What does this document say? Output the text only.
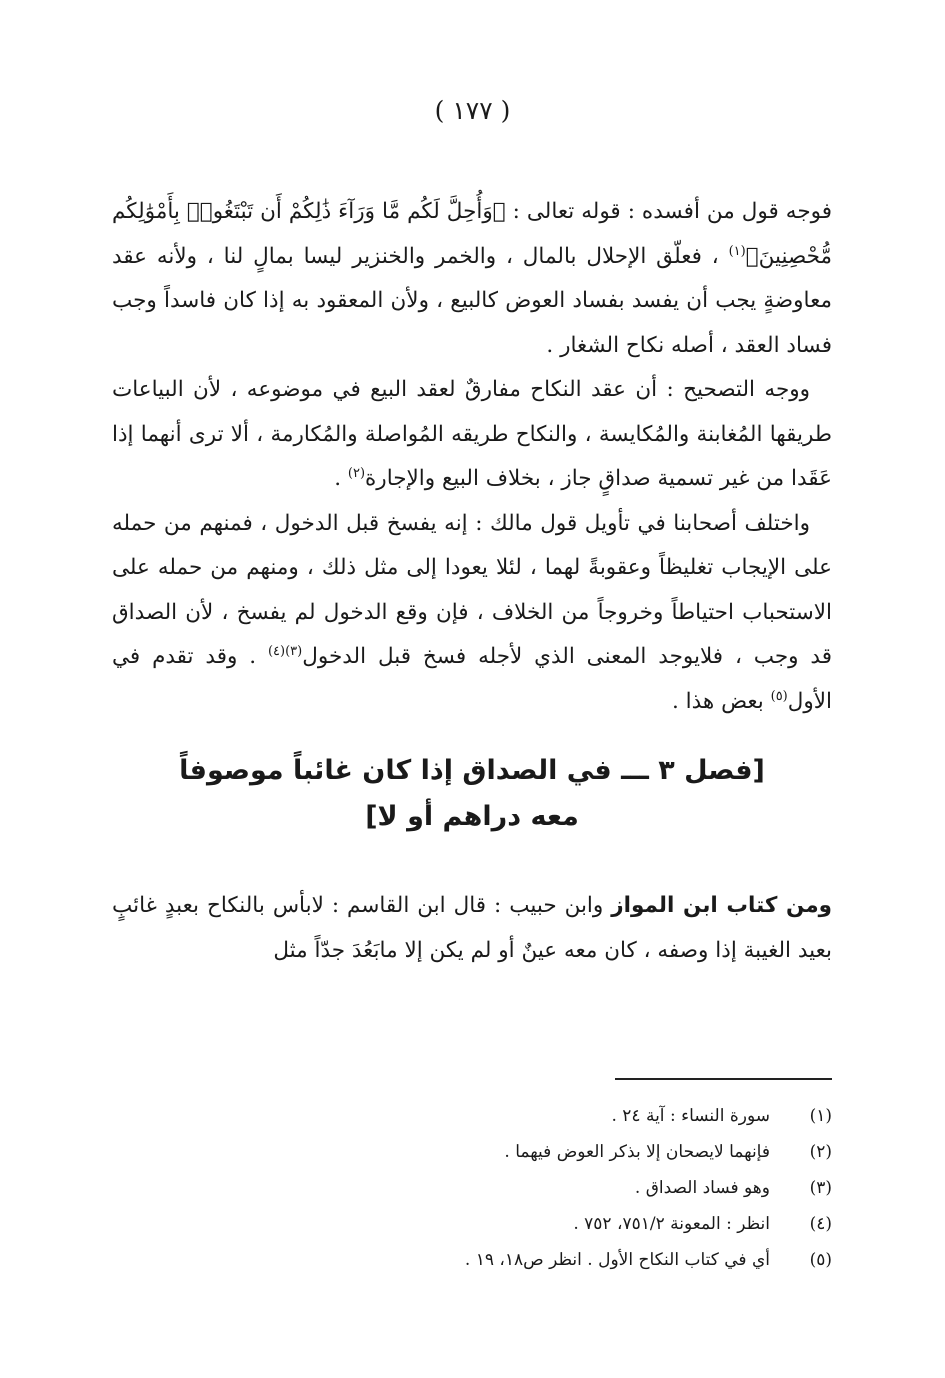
( ١٧٧ )

فوجه قول من أفسده : قوله تعالى : ﴿وَأُحِلَّ لَكُم مَّا وَرَآءَ ذَٰلِكُمْ أَن تَبْتَغُوا۟ بِأَمْوَٰلِكُم مُّحْصِنِينَ﴾$^{(١)}$ ، فعلّق الإحلال بالمال ، والخمر والخنزير ليسا بمالٍ لنا ، ولأنه عقد معاوضةٍ يجب أن يفسد بفساد العوض كالبيع ، ولأن المعقود به إذا كان فاسداً وجب فساد العقد ، أصله نكاح الشغار .

ووجه التصحيح : أن عقد النكاح مفارقٌ لعقد البيع في موضوعه ، لأن البياعات طريقها المُغابنة والمُكايسة ، والنكاح طريقه المُواصلة والمُكارمة ، ألا ترى أنهما إذا عَقَدا من غير تسمية صداقٍ جاز ، بخلاف البيع والإجارة$^{(٢)}$ .

واختلف أصحابنا في تأويل قول مالك : إنه يفسخ قبل الدخول ، فمنهم من حمله على الإيجاب تغليظاً وعقوبةً لهما ، لئلا يعودا إلى مثل ذلك ، ومنهم من حمله على الاستحباب احتياطاً وخروجاً من الخلاف ، فإن وقع الدخول لم يفسخ ، لأن الصداق قد وجب ، فلايوجد المعنى الذي لأجله فسخ قبل الدخول$^{(٣)(٤)}$ . وقد تقدم في الأول$^{(٥)}$ بعض هذا .

[فصل ٣ ـــ في الصداق إذا كان غائباً موصوفاً
معه دراهم أو لا]

ومن كتاب ابن المواز وابن حبيب : قال ابن القاسم : لابأس بالنكاح بعبدٍ غائبٍ بعيد الغيبة إذا وصفه ، كان معه عينٌ أو لم يكن إلا مابَعُدَ جدّاً مثل

(١)
سورة النساء : آية ٢٤ .
(٢)
فإنهما لايصحان إلا بذكر العوض فيهما .
(٣)
وهو فساد الصداق .
(٤)
انظر : المعونة ٧٥١/٢، ٧٥٢ .
(٥)
أي في كتاب النكاح الأول . انظر ص١٨، ١٩ .
